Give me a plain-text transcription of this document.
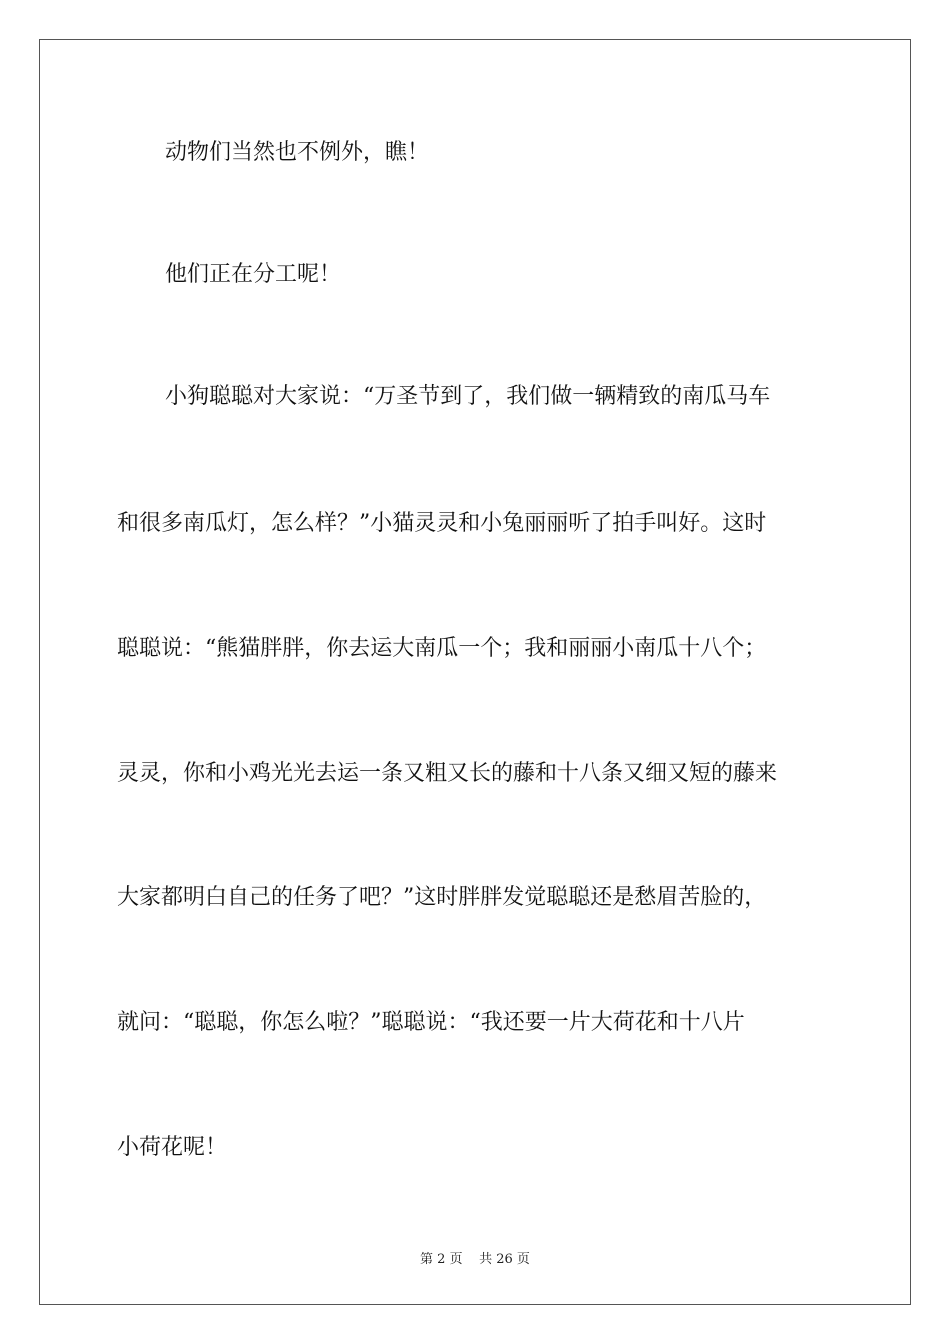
动物们当然也不例外，瞧！
他们正在分工呢！
小狗聪聪对大家说：“万圣节到了，我们做一辆精致的南瓜马车
和很多南瓜灯，怎么样？”小猫灵灵和小兔丽丽听了拍手叫好。这时
聪聪说：“熊猫胖胖，你去运大南瓜一个；我和丽丽小南瓜十八个；
灵灵，你和小鸡光光去运一条又粗又长的藤和十八条又细又短的藤来
大家都明白自己的任务了吧？”这时胖胖发觉聪聪还是愁眉苦脸的，
就问：“聪聪，你怎么啦？”聪聪说：“我还要一片大荷花和十八片
小荷花呢！
第 2 页 共 26 页
